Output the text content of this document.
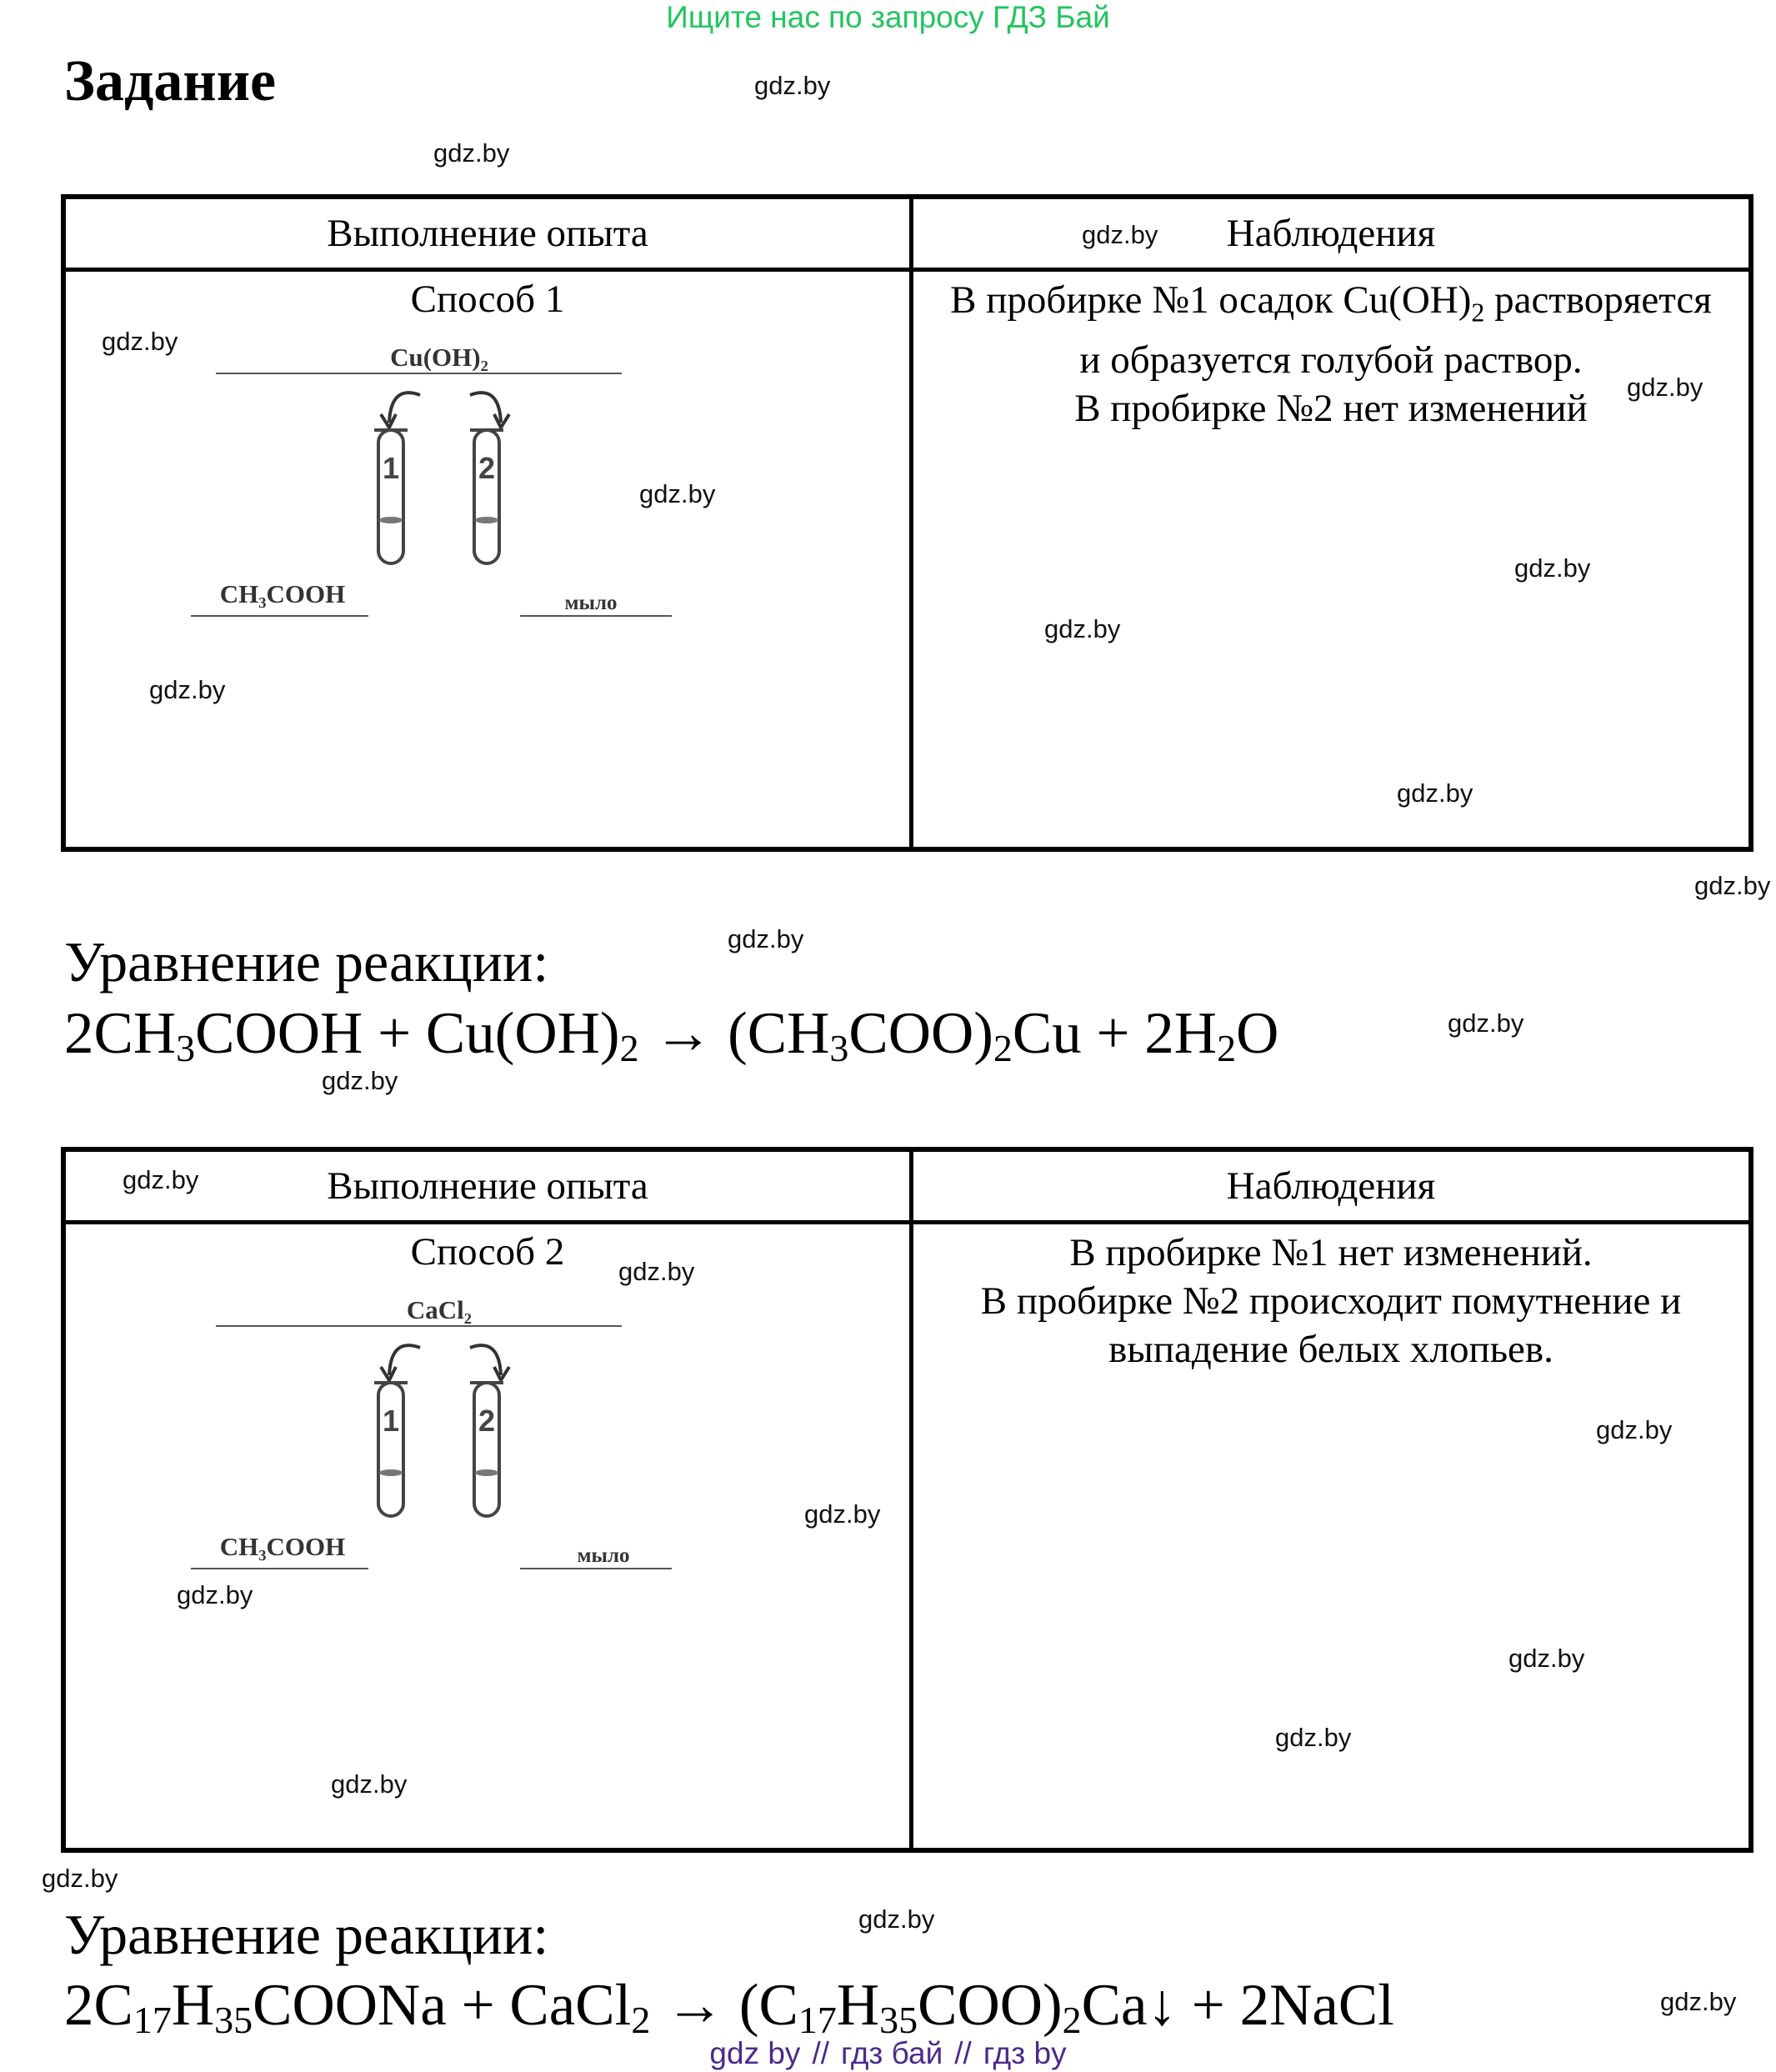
Ищите нас по запросу ГДЗ Бай
Задание	gdz.by
gdz.by
gdz.by
gdz.by
gdz.by
gdz.by
gdz.by
gdz.by
gdz.by
gdz.by
gdz.by
gdz.by
gdz.by
gdz.by
gdz.by
gdz.by
gdz.by
gdz.by
gdz.by
gdz.by
gdz.by
gdz.by
gdz.by
gdz.by
gdz.by
Выполнение опыта	Наблюдения
Способ 1
Cu(OH)₂
1	2
CH₃COOH	мыло
В пробирке №1 осадок $Cu(OH)_2$ растворяется
и образуется голубой раствор.
В пробирке №2 нет изменений
Уравнение реакции:
$2CH_3COOH + Cu(OH)_2 \to (CH_3COO)_2Cu + 2H_2O$
Выполнение опыта	Наблюдения
Способ 2
CaCl₂
1	2
CH₃COOH	мыло
В пробирке №1 нет изменений.
В пробирке №2 происходит помутнение и
выпадение белых хлопьев.
Уравнение реакции:
$2C_{17}H_{35}COONa$ + CaCl$_2$ → $(C_{17}H_{35}COO)_2Ca↓$ + 2NaCl
gdz by // гдз бай // гдз by
